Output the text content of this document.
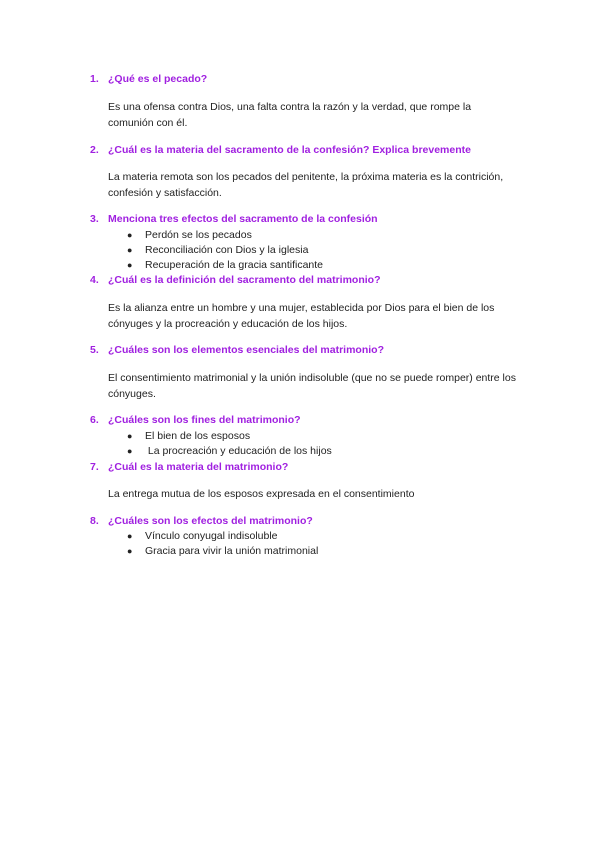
1. ¿Qué es el pecado?
Es una ofensa contra Dios, una falta contra la razón y la verdad, que rompe la comunión con él.
2. ¿Cuál es la materia del sacramento de la confesión? Explica brevemente
La materia remota son los pecados del penitente, la próxima materia es la contrición, confesión y satisfacción.
3. Menciona tres efectos del sacramento de la confesión
● Perdón se los pecados
● Reconciliación con Dios y la iglesia
● Recuperación de la gracia santificante
4. ¿Cuál es la definición del sacramento del matrimonio?
Es la alianza entre un hombre y una mujer, establecida por Dios para el bien de los cónyuges y la procreación y educación de los hijos.
5. ¿Cuáles son los elementos esenciales del matrimonio?
El consentimiento matrimonial y la unión indisoluble (que no se puede romper) entre los cónyuges.
6. ¿Cuáles son los fines del matrimonio?
● El bien de los esposos
● La procreación y educación de los hijos
7. ¿Cuál es la materia del matrimonio?
La entrega mutua de los esposos expresada en el consentimiento
8. ¿Cuáles son los efectos del matrimonio?
● Vínculo conyugal indisoluble
● Gracia para vivir la unión matrimonial
